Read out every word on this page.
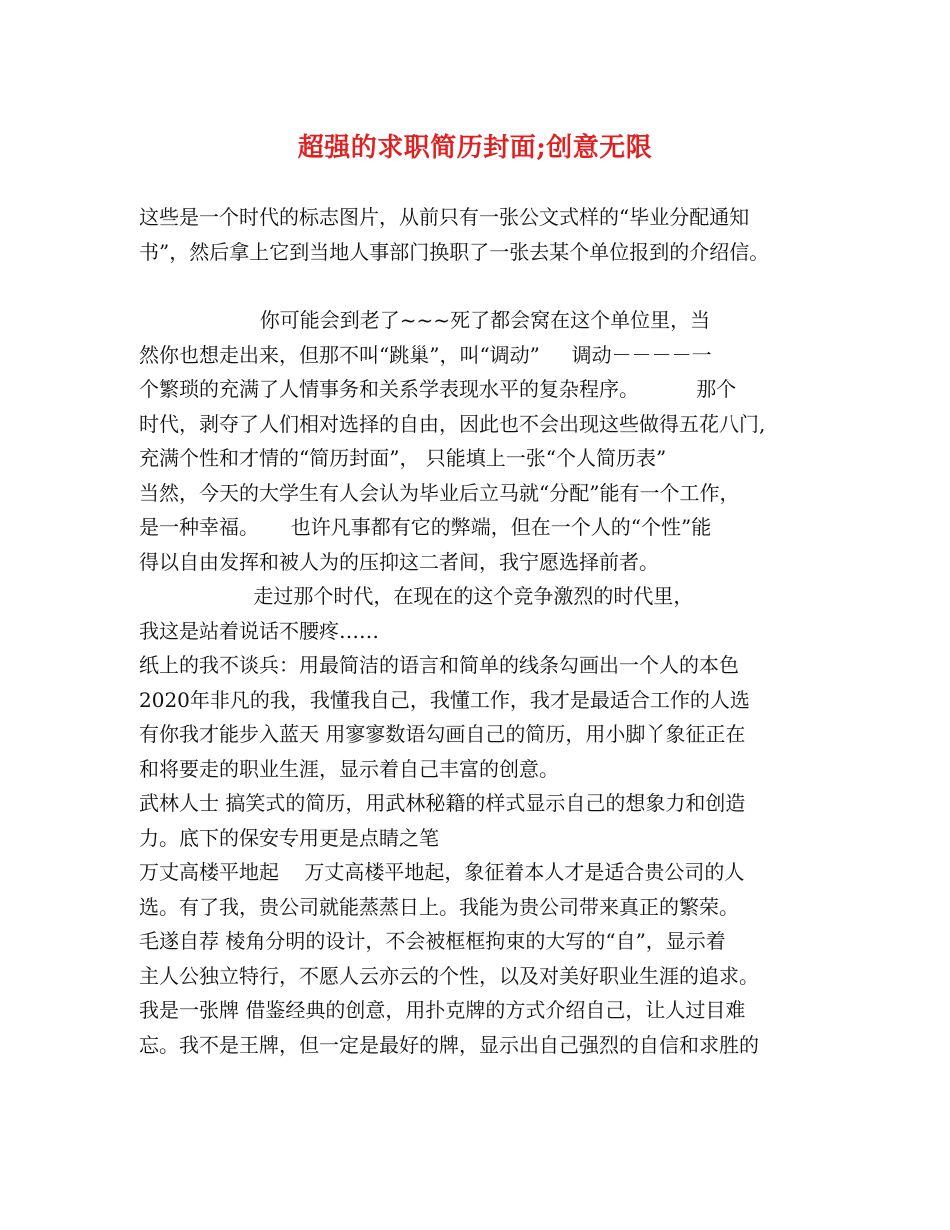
超强的求职简历封面;创意无限
这些是一个时代的标志图片，从前只有一张公文式样的“毕业分配通知
书”，然后拿上它到当地人事部门换职了一张去某个单位报到的介绍信。
你可能会到老了~~~死了都会窝在这个单位里，当
然你也想走出来，但那不叫“跳巢”，叫“调动”     调动－－－－一
个繁琐的充满了人情事务和关系学表现水平的复杂程序。         那个
时代，剥夺了人们相对选择的自由，因此也不会出现这些做得五花八门,
充满个性和才情的“简历封面”， 只能填上一张“个人简历表”
当然，今天的大学生有人会认为毕业后立马就“分配”能有一个工作，
是一种幸福。     也许凡事都有它的弊端，但在一个人的“个性”能
得以自由发挥和被人为的压抑这二者间，我宁愿选择前者。
走过那个时代，在现在的这个竞争激烈的时代里，
我这是站着说话不腰疼……
纸上的我不谈兵：用最简洁的语言和简单的线条勾画出一个人的本色
2020年非凡的我，我懂我自己，我懂工作，我才是最适合工作的人选
有你我才能步入蓝天 用寥寥数语勾画自己的简历，用小脚丫象征正在
和将要走的职业生涯，显示着自己丰富的创意。
武林人士 搞笑式的简历，用武林秘籍的样式显示自己的想象力和创造
力。底下的保安专用更是点睛之笔
万丈高楼平地起    万丈高楼平地起，象征着本人才是适合贵公司的人
选。有了我，贵公司就能蒸蒸日上。我能为贵公司带来真正的繁荣。
毛遂自荐 棱角分明的设计，不会被框框拘束的大写的“自”，显示着
主人公独立特行，不愿人云亦云的个性，以及对美好职业生涯的追求。
我是一张牌 借鉴经典的创意，用扑克牌的方式介绍自己，让人过目难
忘。我不是王牌，但一定是最好的牌，显示出自己强烈的自信和求胜的
